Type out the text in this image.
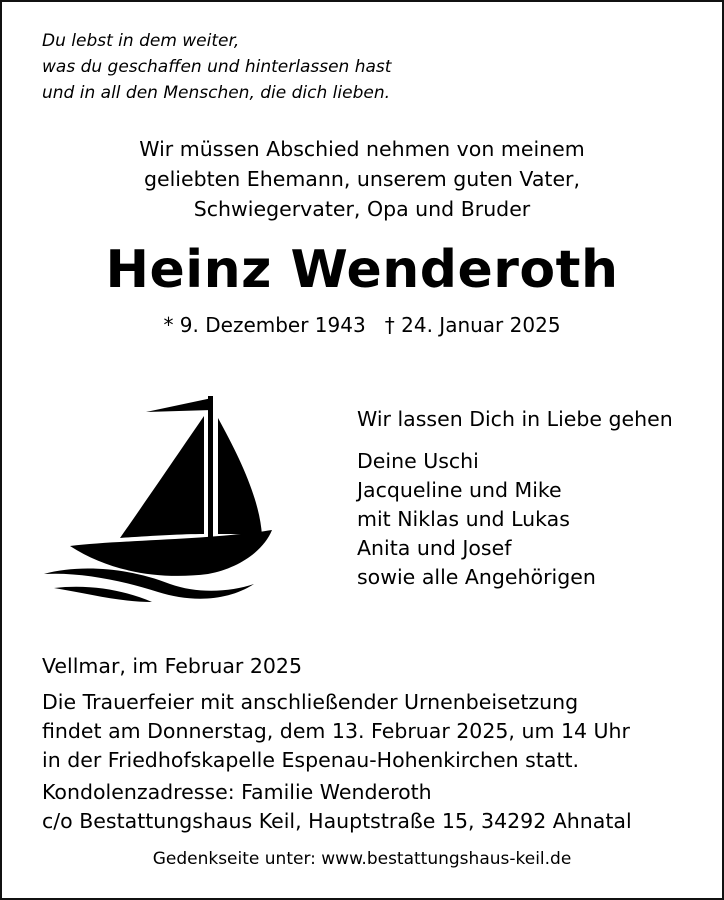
Du lebst in dem weiter,
was du geschaffen und hinterlassen hast
und in all den Menschen, die dich lieben.
Wir müssen Abschied nehmen von meinem
geliebten Ehemann, unserem guten Vater,
Schwiegervater, Opa und Bruder
Heinz Wenderoth
* 9. Dezember 1943   † 24. Januar 2025
Wir lassen Dich in Liebe gehen
Deine Uschi
Jacqueline und Mike
mit Niklas und Lukas
Anita und Josef
sowie alle Angehörigen
Vellmar, im Februar 2025
Die Trauerfeier mit anschließender Urnenbeisetzung
findet am Donnerstag, dem 13. Februar 2025, um 14 Uhr
in der Friedhofskapelle Espenau-Hohenkirchen statt.
Kondolenzadresse: Familie Wenderoth
c/o Bestattungshaus Keil, Hauptstraße 15, 34292 Ahnatal
Gedenkseite unter: www.bestattungshaus-keil.de
